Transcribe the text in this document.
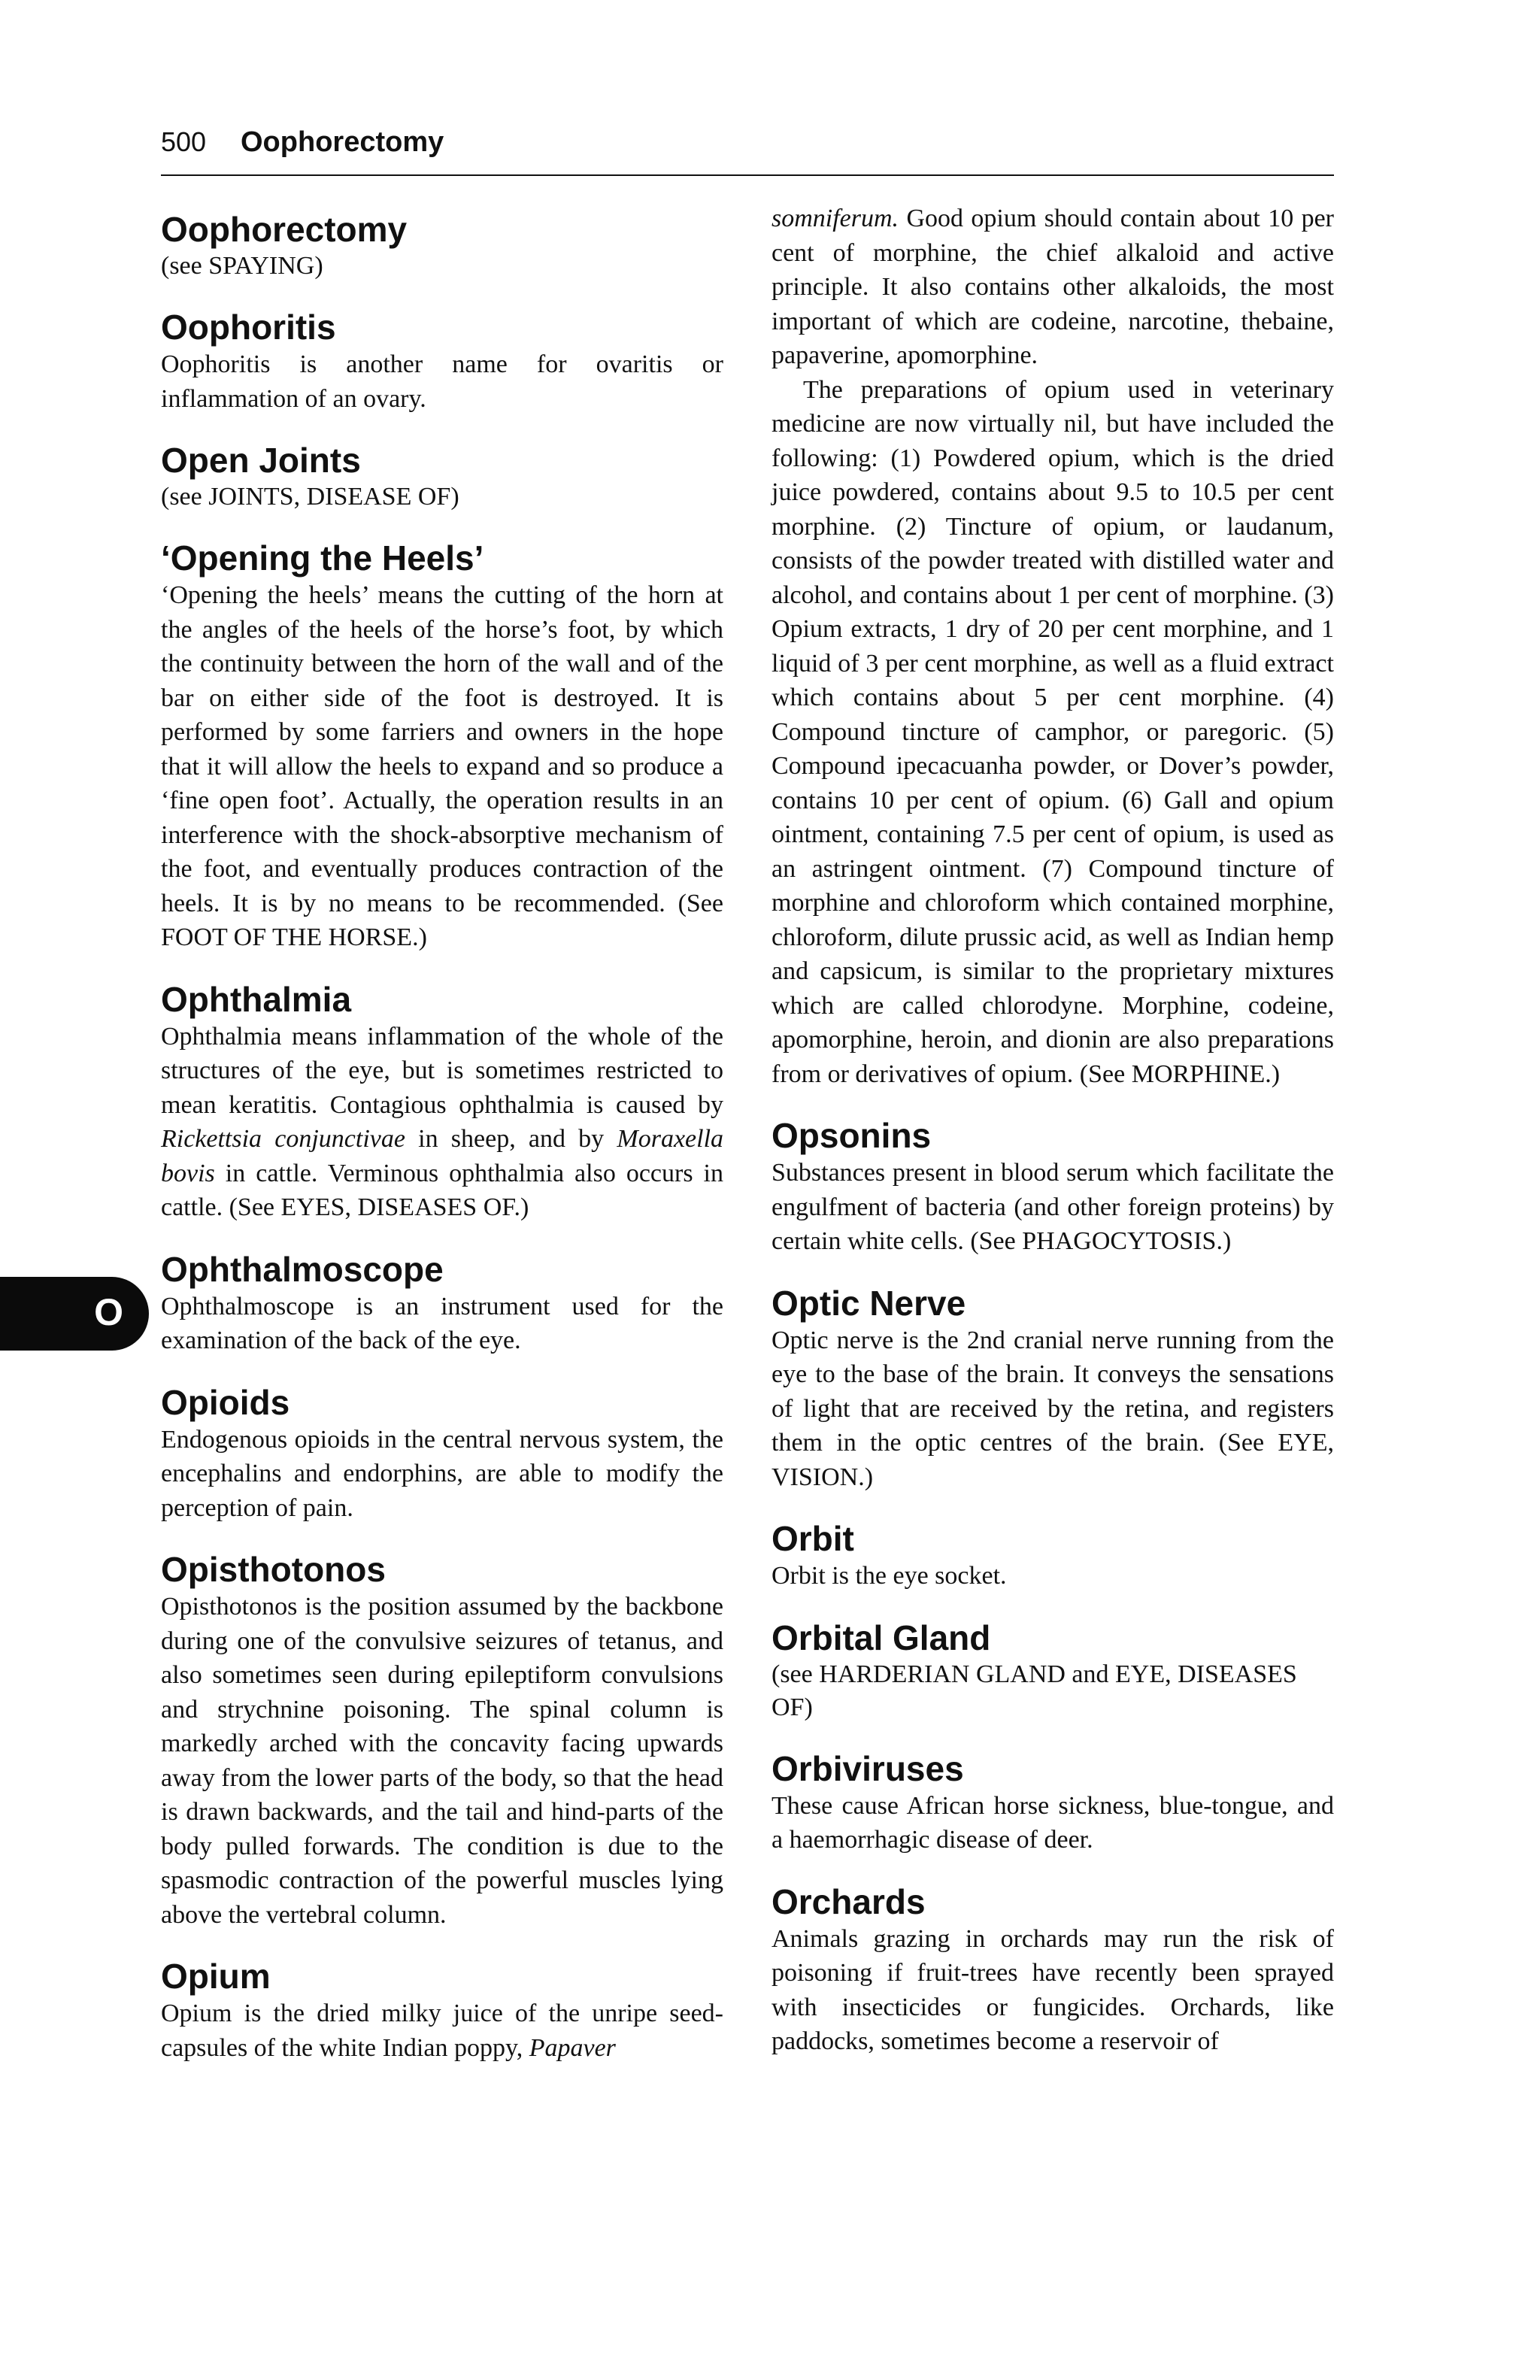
500 Oophorectomy
O
Oophorectomy
(see SPAYING)
Oophoritis

Oophoritis is another name for ovaritis or inflammation of an ovary.

Open Joints
(see JOINTS, DISEASE OF)
‘Opening the Heels’

‘Opening the heels’ means the cutting of the horn at the angles of the heels of the horse’s foot, by which the continuity between the horn of the wall and of the bar on either side of the foot is destroyed. It is performed by some farriers and owners in the hope that it will allow the heels to expand and so produce a ‘fine open foot’. Actually, the operation results in an interference with the shock-absorptive mechanism of the foot, and eventually produces contraction of the heels. It is by no means to be recommended. (See FOOT OF THE HORSE.)

Ophthalmia

Ophthalmia means inflammation of the whole of the structures of the eye, but is sometimes restricted to mean keratitis. Contagious ophthalmia is caused by Rickettsia conjunctivae in sheep, and by Moraxella bovis in cattle. Verminous ophthalmia also occurs in cattle. (See EYES, DISEASES OF.)

Ophthalmoscope

Ophthalmoscope is an instrument used for the examination of the back of the eye.

Opioids

Endogenous opioids in the central nervous system, the encephalins and endorphins, are able to modify the perception of pain.

Opisthotonos

Opisthotonos is the position assumed by the backbone during one of the convulsive seizures of tetanus, and also sometimes seen during epileptiform convulsions and strychnine poisoning. The spinal column is markedly arched with the concavity facing upwards away from the lower parts of the body, so that the head is drawn backwards, and the tail and hind-parts of the body pulled forwards. The condition is due to the spasmodic contraction of the powerful muscles lying above the vertebral column.

Opium

Opium is the dried milky juice of the unripe seed-capsules of the white Indian poppy, Papaver

somniferum. Good opium should contain about 10 per cent of morphine, the chief alkaloid and active principle. It also contains other alkaloids, the most important of which are codeine, narcotine, thebaine, papaverine, apomorphine.

The preparations of opium used in veterinary medicine are now virtually nil, but have included the following: (1) Powdered opium, which is the dried juice powdered, contains about 9.5 to 10.5 per cent morphine. (2) Tincture of opium, or laudanum, consists of the powder treated with distilled water and alcohol, and contains about 1 per cent of morphine. (3) Opium extracts, 1 dry of 20 per cent morphine, and 1 liquid of 3 per cent morphine, as well as a fluid extract which contains about 5 per cent morphine. (4) Compound tincture of camphor, or paregoric. (5) Compound ipecacuanha powder, or Dover’s powder, contains 10 per cent of opium. (6) Gall and opium ointment, containing 7.5 per cent of opium, is used as an astringent ointment. (7) Compound tincture of morphine and chloroform which contained morphine, chloroform, dilute prussic acid, as well as Indian hemp and capsicum, is similar to the proprietary mixtures which are called chlorodyne. Morphine, codeine, apomorphine, heroin, and dionin are also preparations from or derivatives of opium. (See MORPHINE.)

Opsonins

Substances present in blood serum which facilitate the engulfment of bacteria (and other foreign proteins) by certain white cells. (See PHAGOCYTOSIS.)

Optic Nerve

Optic nerve is the 2nd cranial nerve running from the eye to the base of the brain. It conveys the sensations of light that are received by the retina, and registers them in the optic centres of the brain. (See EYE, VISION.)

Orbit

Orbit is the eye socket.

Orbital Gland
(see HARDERIAN GLAND and EYE, DISEASES OF)
Orbiviruses

These cause African horse sickness, blue-tongue, and a haemorrhagic disease of deer.

Orchards

Animals grazing in orchards may run the risk of poisoning if fruit-trees have recently been sprayed with insecticides or fungicides. Orchards, like paddocks, sometimes become a reservoir of
